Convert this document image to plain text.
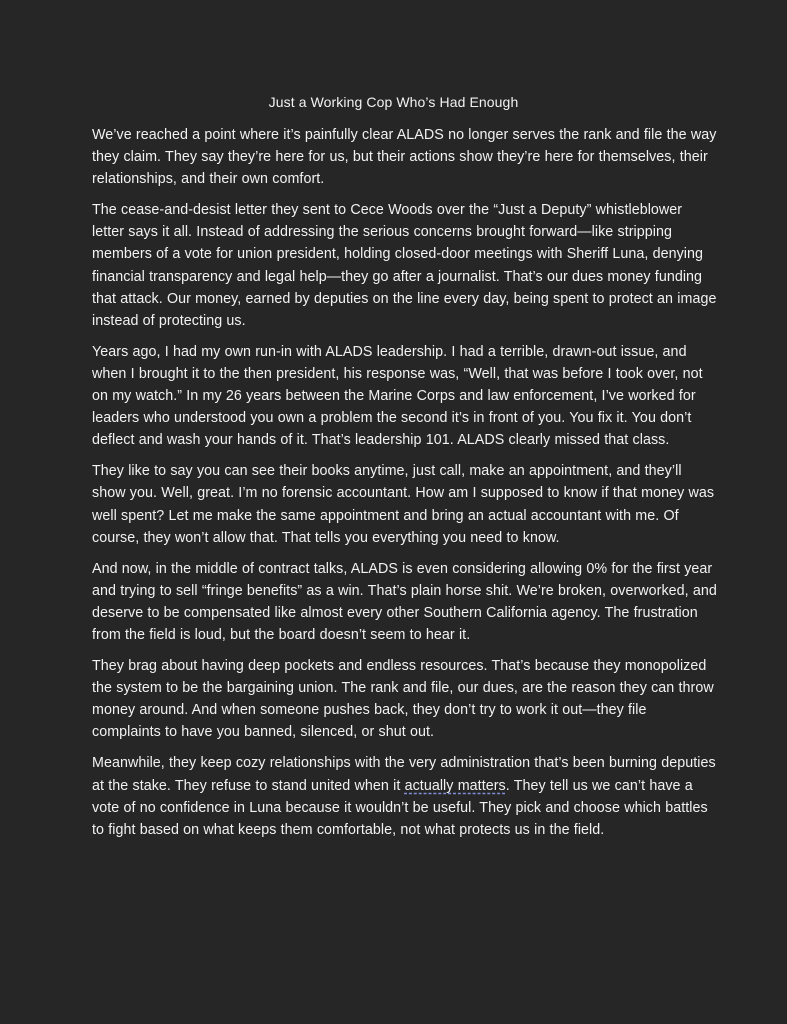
Just a Working Cop Who’s Had Enough

We’ve reached a point where it’s painfully clear ALADS no longer serves the rank and file the way they claim. They say they’re here for us, but their actions show they’re here for themselves, their relationships, and their own comfort.

The cease-and-desist letter they sent to Cece Woods over the “Just a Deputy” whistleblower letter says it all. Instead of addressing the serious concerns brought forward—like stripping members of a vote for union president, holding closed-door meetings with Sheriff Luna, denying financial transparency and legal help—they go after a journalist. That’s our dues money funding that attack. Our money, earned by deputies on the line every day, being spent to protect an image instead of protecting us.

Years ago, I had my own run-in with ALADS leadership. I had a terrible, drawn-out issue, and when I brought it to the then president, his response was, “Well, that was before I took over, not on my watch.” In my 26 years between the Marine Corps and law enforcement, I’ve worked for leaders who understood you own a problem the second it’s in front of you. You fix it. You don’t deflect and wash your hands of it. That’s leadership 101. ALADS clearly missed that class.

They like to say you can see their books anytime, just call, make an appointment, and they’ll show you. Well, great. I’m no forensic accountant. How am I supposed to know if that money was well spent? Let me make the same appointment and bring an actual accountant with me. Of course, they won’t allow that. That tells you everything you need to know.

And now, in the middle of contract talks, ALADS is even considering allowing 0% for the first year and trying to sell “fringe benefits” as a win. That’s plain horse shit. We’re broken, overworked, and deserve to be compensated like almost every other Southern California agency. The frustration from the field is loud, but the board doesn’t seem to hear it.

They brag about having deep pockets and endless resources. That’s because they monopolized the system to be the bargaining union. The rank and file, our dues, are the reason they can throw money around. And when someone pushes back, they don’t try to work it out—they file complaints to have you banned, silenced, or shut out.

Meanwhile, they keep cozy relationships with the very administration that’s been burning deputies at the stake. They refuse to stand united when it actually matters. They tell us we can’t have a vote of no confidence in Luna because it wouldn’t be useful. They pick and choose which battles to fight based on what keeps them comfortable, not what protects us in the field.
